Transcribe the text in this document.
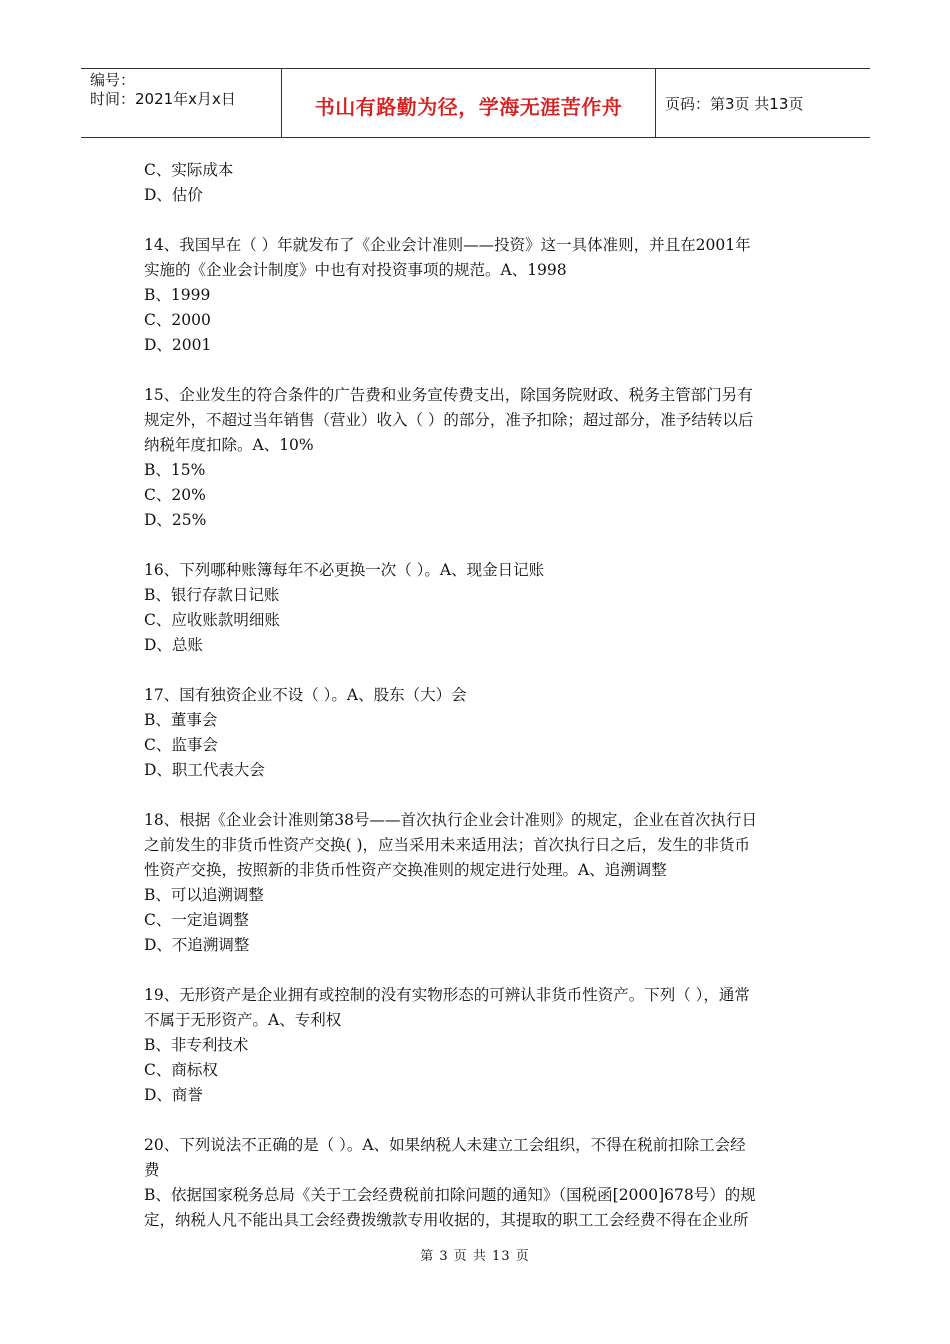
编号：
时间：2021年x月x日	书山有路勤为径，学海无涯苦作舟	页码：第3页 共13页
C、实际成本
D、估价
14、我国早在（ ）年就发布了《企业会计准则——投资》这一具体准则，并且在2001年
实施的《企业会计制度》中也有对投资事项的规范。A、1998
B、1999
C、2000
D、2001
15、企业发生的符合条件的广告费和业务宣传费支出，除国务院财政、税务主管部门另有
规定外，不超过当年销售（营业）收入（ ）的部分，准予扣除；超过部分，准予结转以后
纳税年度扣除。A、10%
B、15%
C、20%
D、25%
16、下列哪种账簿每年不必更换一次（ ）。A、现金日记账
B、银行存款日记账
C、应收账款明细账
D、总账
17、国有独资企业不设（ ）。A、股东（大）会
B、董事会
C、监事会
D、职工代表大会
18、根据《企业会计准则第38号——首次执行企业会计准则》的规定，企业在首次执行日
之前发生的非货币性资产交换( )，应当采用未来适用法；首次执行日之后，发生的非货币
性资产交换，按照新的非货币性资产交换准则的规定进行处理。A、追溯调整
B、可以追溯调整
C、一定追调整
D、不追溯调整
19、无形资产是企业拥有或控制的没有实物形态的可辨认非货币性资产。下列（ ），通常
不属于无形资产。A、专利权
B、非专利技术
C、商标权
D、商誉
20、下列说法不正确的是（ ）。A、如果纳税人未建立工会组织，不得在税前扣除工会经
费
B、依据国家税务总局《关于工会经费税前扣除问题的通知》（国税函[2000]678号）的规
定，纳税人凡不能出具工会经费拨缴款专用收据的，其提取的职工工会经费不得在企业所
第 3 页 共 13 页
